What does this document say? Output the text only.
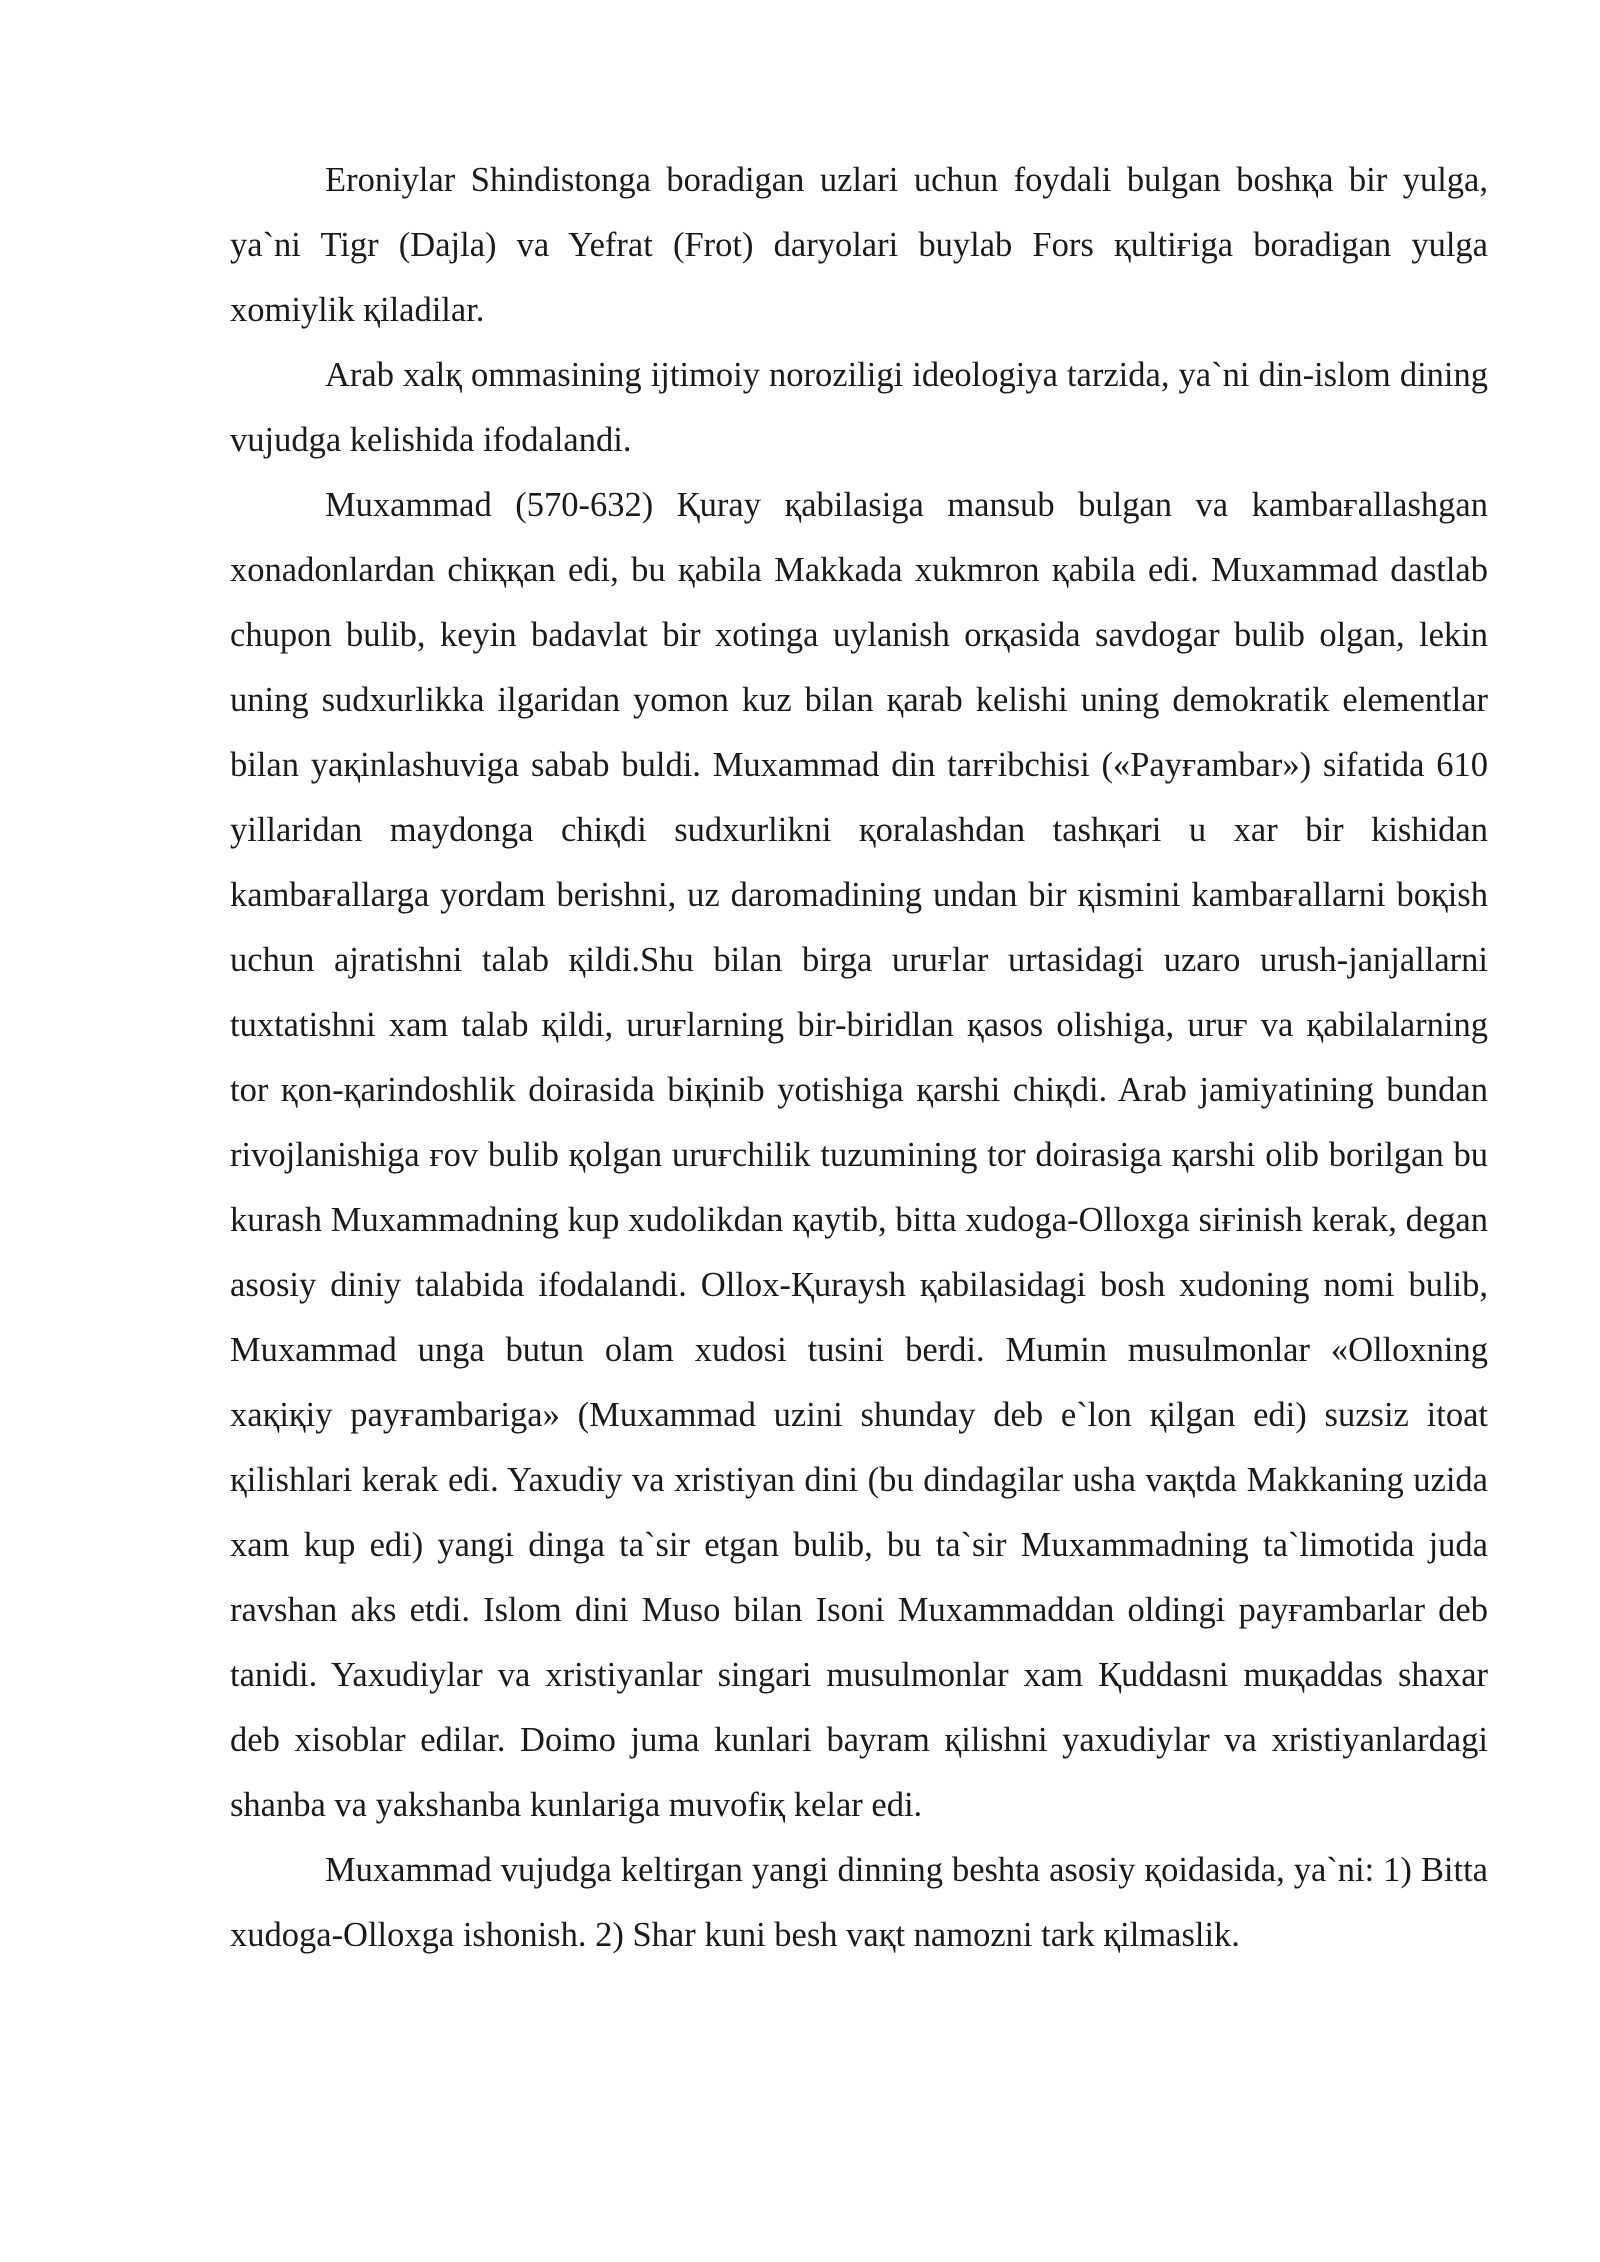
Eroniylar Shindistonga boradigan uzlari uchun foydali bulgan boshқa bir yulga, ya`ni Tigr (Dajla) va Yefrat (Frot) daryolari buylab Fors қultiғiga boradigan yulga xomiylik қiladilar.

Arab xalқ ommasining ijtimoiy noroziligi ideologiya tarzida, ya`ni din-islom dining vujudga kelishida ifodalandi.

Muxammad (570-632) Қuray қabilasiga mansub bulgan va kambaғallashgan xonadonlardan chiққan edi, bu қabila Makkada xukmron қabila edi. Muxammad dastlab chupon bulib, keyin badavlat bir xotinga uylanish orқasida savdogar bulib olgan, lekin uning sudxurlikka ilgaridan yomon kuz bilan қarab kelishi uning demokratik elementlar bilan yaқinlashuviga sabab buldi. Muxammad din tarғibchisi («Payғambar») sifatida 610 yillaridan maydonga chiқdi sudxurlikni қoralashdan tashқari u xar bir kishidan kambaғallarga yordam berishni, uz daromadining undan bir қismini kambaғallarni boқish uchun ajratishni talab қildi.Shu bilan birga uruғlar urtasidagi uzaro urush-janjallarni tuxtatishni xam talab қildi, uruғlarning bir-biridlan қasos olishiga, uruғ va қabilalarning tor қon-қarindoshlik doirasida biқinib yotishiga қarshi chiқdi. Arab jamiyatining bundan rivojlanishiga ғov bulib қolgan uruғchilik tuzumining tor doirasiga қarshi olib borilgan bu kurash Muxammadning kup xudolikdan қaytib, bitta xudoga-Olloxga siғinish kerak, degan asosiy diniy talabida ifodalandi. Ollox-Қuraysh қabilasidagi bosh xudoning nomi bulib, Muxammad unga butun olam xudosi tusini berdi. Mumin musulmonlar «Olloxning xaқiқiy payғambariga» (Muxammad uzini shunday deb e`lon қilgan edi) suzsiz itoat қilishlari kerak edi. Yaxudiy va xristiyan dini (bu dindagilar usha vaқtda Makkaning uzida xam kup edi) yangi dinga ta`sir etgan bulib, bu ta`sir Muxammadning ta`limotida juda ravshan aks etdi. Islom dini Muso bilan Isoni Muxammaddan oldingi payғambarlar deb tanidi. Yaxudiylar va xristiyanlar singari musulmonlar xam Қuddasni muқaddas shaxar deb xisoblar edilar. Doimo juma kunlari bayram қilishni yaxudiylar va xristiyanlardagi shanba va yakshanba kunlariga muvofiқ kelar edi.

Muxammad vujudga keltirgan yangi dinning beshta asosiy қoidasida, ya`ni: 1) Bitta xudoga-Olloxga ishonish. 2) Shar kuni besh vaқt namozni tark қilmaslik.
